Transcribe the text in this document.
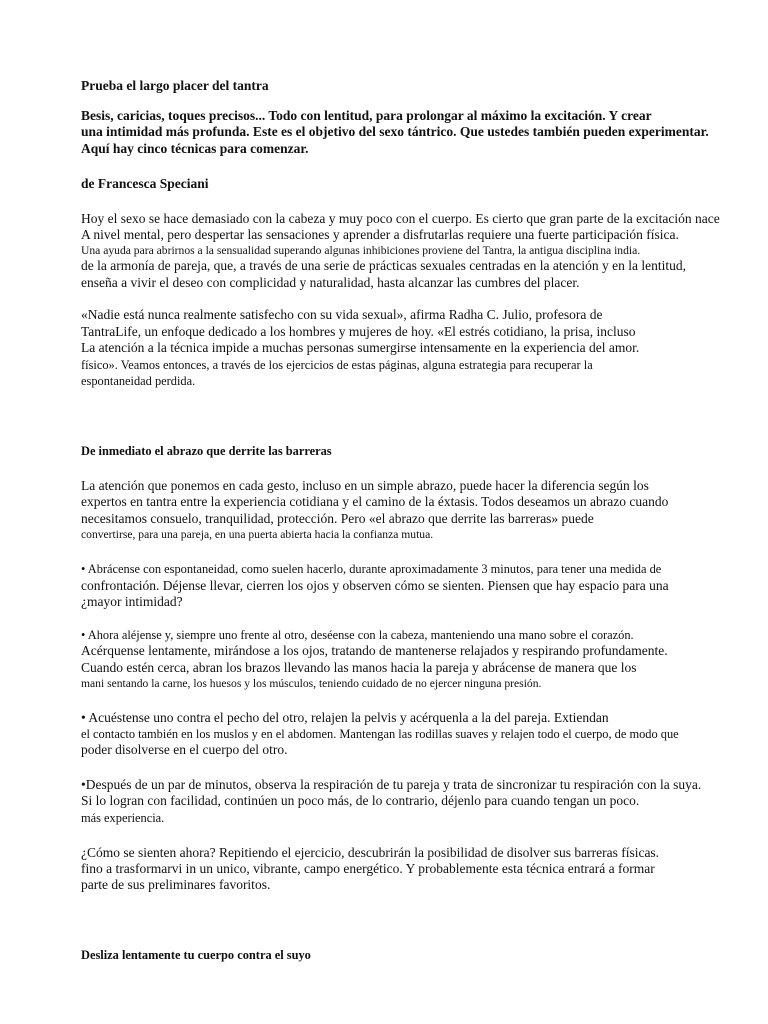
Prueba el largo placer del tantra
Besis, caricias, toques precisos... Todo con lentitud, para prolongar al máximo la excitación. Y crear
una intimidad más profunda. Este es el objetivo del sexo tántrico. Que ustedes también pueden experimentar.
Aquí hay cinco técnicas para comenzar.
de Francesca Speciani
Hoy el sexo se hace demasiado con la cabeza y muy poco con el cuerpo. Es cierto que gran parte de la excitación nace
A nivel mental, pero despertar las sensaciones y aprender a disfrutarlas requiere una fuerte participación física.
Una ayuda para abrirnos a la sensualidad superando algunas inhibiciones proviene del Tantra, la antigua disciplina india.
de la armonía de pareja, que, a través de una serie de prácticas sexuales centradas en la atención y en la lentitud,
enseña a vivir el deseo con complicidad y naturalidad, hasta alcanzar las cumbres del placer.
«Nadie está nunca realmente satisfecho con su vida sexual», afirma Radha C. Julio, profesora de
TantraLife, un enfoque dedicado a los hombres y mujeres de hoy. «El estrés cotidiano, la prisa, incluso
La atención a la técnica impide a muchas personas sumergirse intensamente en la experiencia del amor.
físico». Veamos entonces, a través de los ejercicios de estas páginas, alguna estrategia para recuperar la
espontaneidad perdida.
De inmediato el abrazo que derrite las barreras
La atención que ponemos en cada gesto, incluso en un simple abrazo, puede hacer la diferencia según los
expertos en tantra entre la experiencia cotidiana y el camino de la éxtasis. Todos deseamos un abrazo cuando
necesitamos consuelo, tranquilidad, protección. Pero «el abrazo que derrite las barreras» puede
convertirse, para una pareja, en una puerta abierta hacia la confianza mutua.
• Abrácense con espontaneidad, como suelen hacerlo, durante aproximadamente 3 minutos, para tener una medida de
confrontación. Déjense llevar, cierren los ojos y observen cómo se sienten. Piensen que hay espacio para una
¿mayor intimidad?
• Ahora aléjense y, siempre uno frente al otro, deséense con la cabeza, manteniendo una mano sobre el corazón.
Acérquense lentamente, mirándose a los ojos, tratando de mantenerse relajados y respirando profundamente.
Cuando estén cerca, abran los brazos llevando las manos hacia la pareja y abrácense de manera que los
mani sentando la carne, los huesos y los músculos, teniendo cuidado de no ejercer ninguna presión.
• Acuéstense uno contra el pecho del otro, relajen la pelvis y acérquenla a la del pareja. Extiendan
el contacto también en los muslos y en el abdomen. Mantengan las rodillas suaves y relajen todo el cuerpo, de modo que
poder disolverse en el cuerpo del otro.
•Después de un par de minutos, observa la respiración de tu pareja y trata de sincronizar tu respiración con la suya.
Si lo logran con facilidad, continúen un poco más, de lo contrario, déjenlo para cuando tengan un poco.
más experiencia.
¿Cómo se sienten ahora? Repitiendo el ejercicio, descubrirán la posibilidad de disolver sus barreras físicas.
fino a trasformarvi in un unico, vibrante, campo energético. Y probablemente esta técnica entrará a formar
parte de sus preliminares favoritos.
Desliza lentamente tu cuerpo contra el suyo
